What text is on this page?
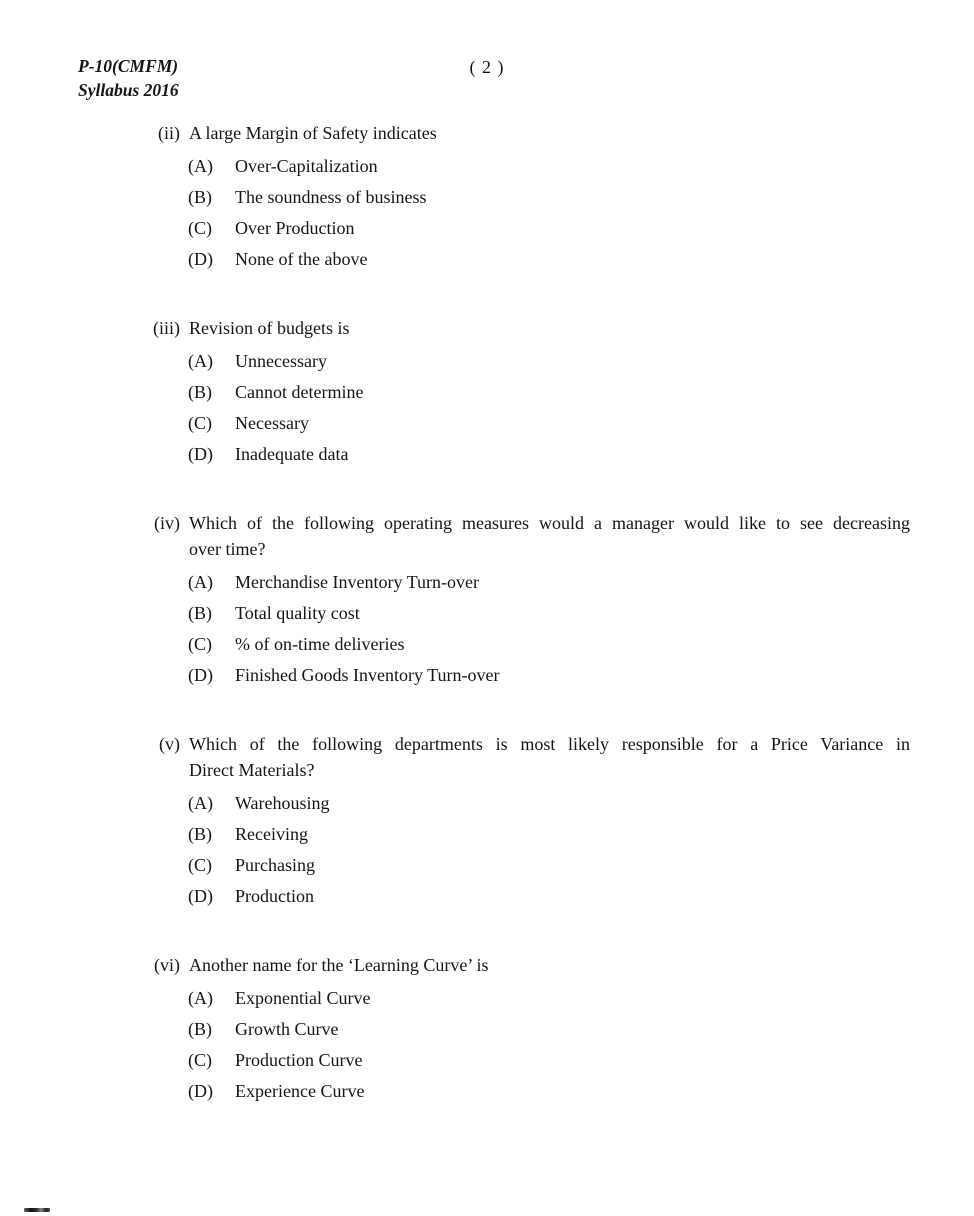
P-10(CMFM)
Syllabus 2016
( 2 )
(ii) A large Margin of Safety indicates
(A) Over-Capitalization
(B) The soundness of business
(C) Over Production
(D) None of the above
(iii) Revision of budgets is
(A) Unnecessary
(B) Cannot determine
(C) Necessary
(D) Inadequate data
(iv) Which of the following operating measures would a manager would like to see decreasing
over time?
(A) Merchandise Inventory Turn-over
(B) Total quality cost
(C) % of on-time deliveries
(D) Finished Goods Inventory Turn-over
(v) Which of the following departments is most likely responsible for a Price Variance in
Direct Materials?
(A) Warehousing
(B) Receiving
(C) Purchasing
(D) Production
(vi) Another name for the ‘Learning Curve’ is
(A) Exponential Curve
(B) Growth Curve
(C) Production Curve
(D) Experience Curve
